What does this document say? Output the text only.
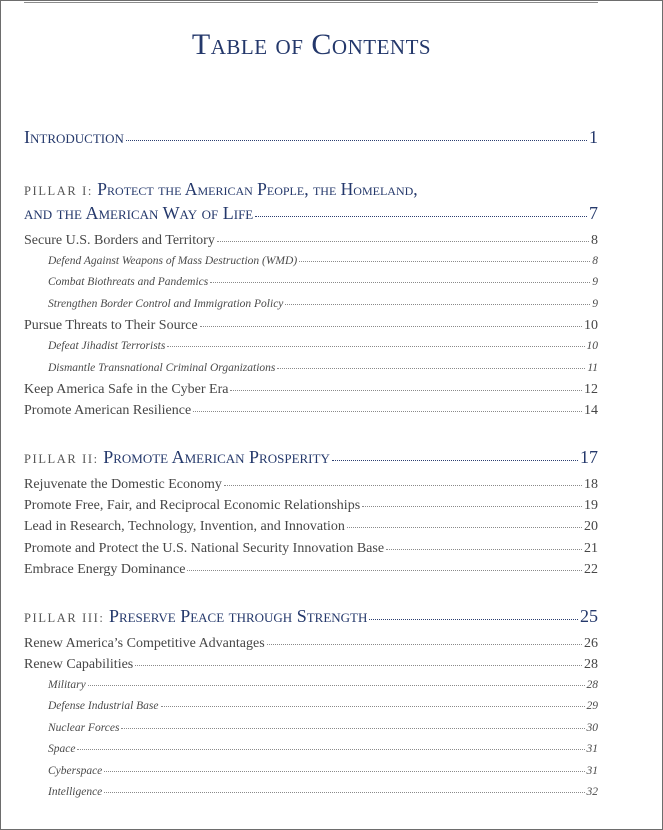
Table of Contents
Introduction	1
PILLAR I: Protect the American People, the Homeland,
and the American Way of Life	7
Secure U.S. Borders and Territory	8
Defend Against Weapons of Mass Destruction (WMD)	8
Combat Biothreats and Pandemics	9
Strengthen Border Control and Immigration Policy	9
Pursue Threats to Their Source	10
Defeat Jihadist Terrorists	10
Dismantle Transnational Criminal Organizations	11
Keep America Safe in the Cyber Era	12
Promote American Resilience	14
PILLAR II: Promote American Prosperity	17
Rejuvenate the Domestic Economy	18
Promote Free, Fair, and Reciprocal Economic Relationships	19
Lead in Research, Technology, Invention, and Innovation	20
Promote and Protect the U.S. National Security Innovation Base	21
Embrace Energy Dominance	22
PILLAR III: Preserve Peace through Strength	25
Renew America’s Competitive Advantages	26
Renew Capabilities	28
Military	28
Defense Industrial Base	29
Nuclear Forces	30
Space	31
Cyberspace	31
Intelligence	32
